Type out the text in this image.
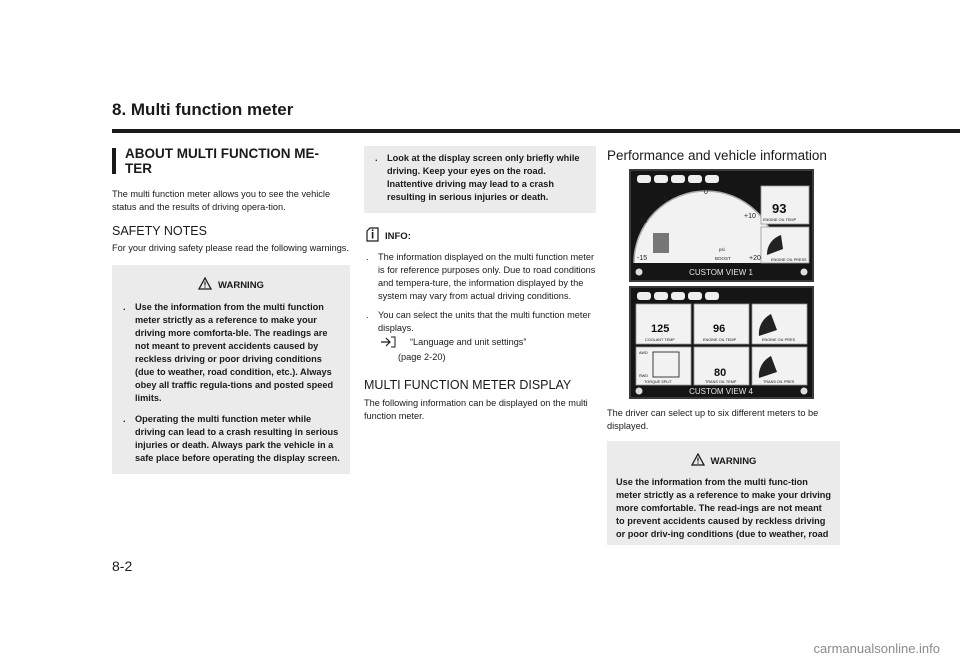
8. Multi function meter
ABOUT MULTI FUNCTION ME-
TER

The multi function meter allows you to see the vehicle status and the results of driving opera-tion.

SAFETY NOTES

For your driving safety please read the following warnings.

WARNING
.	Use the information from the multi function meter strictly as a reference to make your driving more comforta-ble. The readings are not meant to prevent accidents caused by reckless driving or poor driving conditions (due to weather, road condition, etc.). Always obey all traffic regula-tions and posted speed limits.
.	Operating the multi function meter while driving can lead to a crash resulting in serious injuries or death. Always park the vehicle in a safe place before operating the display screen.
.	Look at the display screen only briefly while driving. Keep your eyes on the road. Inattentive driving may lead to a crash resulting in serious injuries or death.
INFO:
.	The information displayed on the multi function meter is for reference purposes only. Due to road conditions and tempera-ture, the information displayed by the system may vary from actual driving conditions.
.	You can select the units that the multi function meter displays.
“Language and unit settings”
(page 2-20)
MULTI FUNCTION METER DISPLAY

The following information can be displayed on the multi function meter.

Performance and vehicle information
-5
0
+10
-10
-15	+20
BOOST
psi
93
ENGINE OIL TEMP
ENGINE OIL PRESS
CUSTOM VIEW 1
125
COOLANT TEMP
96
ENGINE OIL TEMP	ENGINE OIL PRES
AWD
RWD
TORQUE SPLIT
80
TRANS OIL TEMP	TRANS OIL PRES
CUSTOM VIEW 4

The driver can select up to six different meters to be displayed.

WARNING

Use the information from the multi func-tion meter strictly as a reference to make your driving more comfortable. The read-ings are not meant to prevent accidents caused by reckless driving or poor driv-ing conditions (due to weather, road

8-2
carmanualsonline.info
